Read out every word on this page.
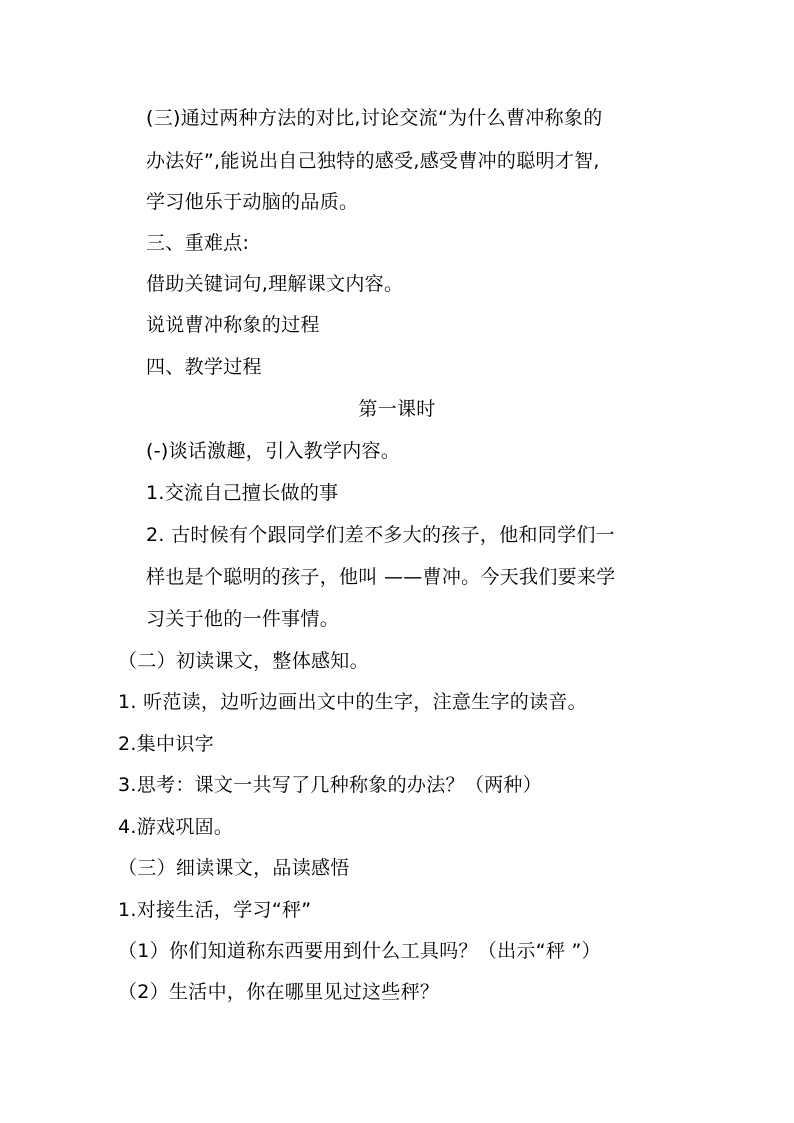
(三)通过两种方法的对比,讨论交流“为什么曹冲称象的
办法好”,能说出自己独特的感受,感受曹冲的聪明才智,
学习他乐于动脑的品质。
三、重难点:
借助关键词句,理解课文内容。
说说曹冲称象的过程
四、教学过程
第一课时
(-)谈话激趣，引入教学内容。
1.交流自己擅长做的事
2. 古时候有个跟同学们差不多大的孩子，他和同学们一
样也是个聪明的孩子，他叫 ——曹冲。今天我们要来学
习关于他的一件事情。
（二）初读课文，整体感知。
1. 听范读，边听边画出文中的生字，注意生字的读音。
2.集中识字
3.思考：课文一共写了几种称象的办法？（两种）
4.游戏巩固。
（三）细读课文，品读感悟
1.对接生活，学习“秤”
（1）你们知道称东西要用到什么工具吗？（出示“秤 ”）
（2）生活中，你在哪里见过这些秤？
